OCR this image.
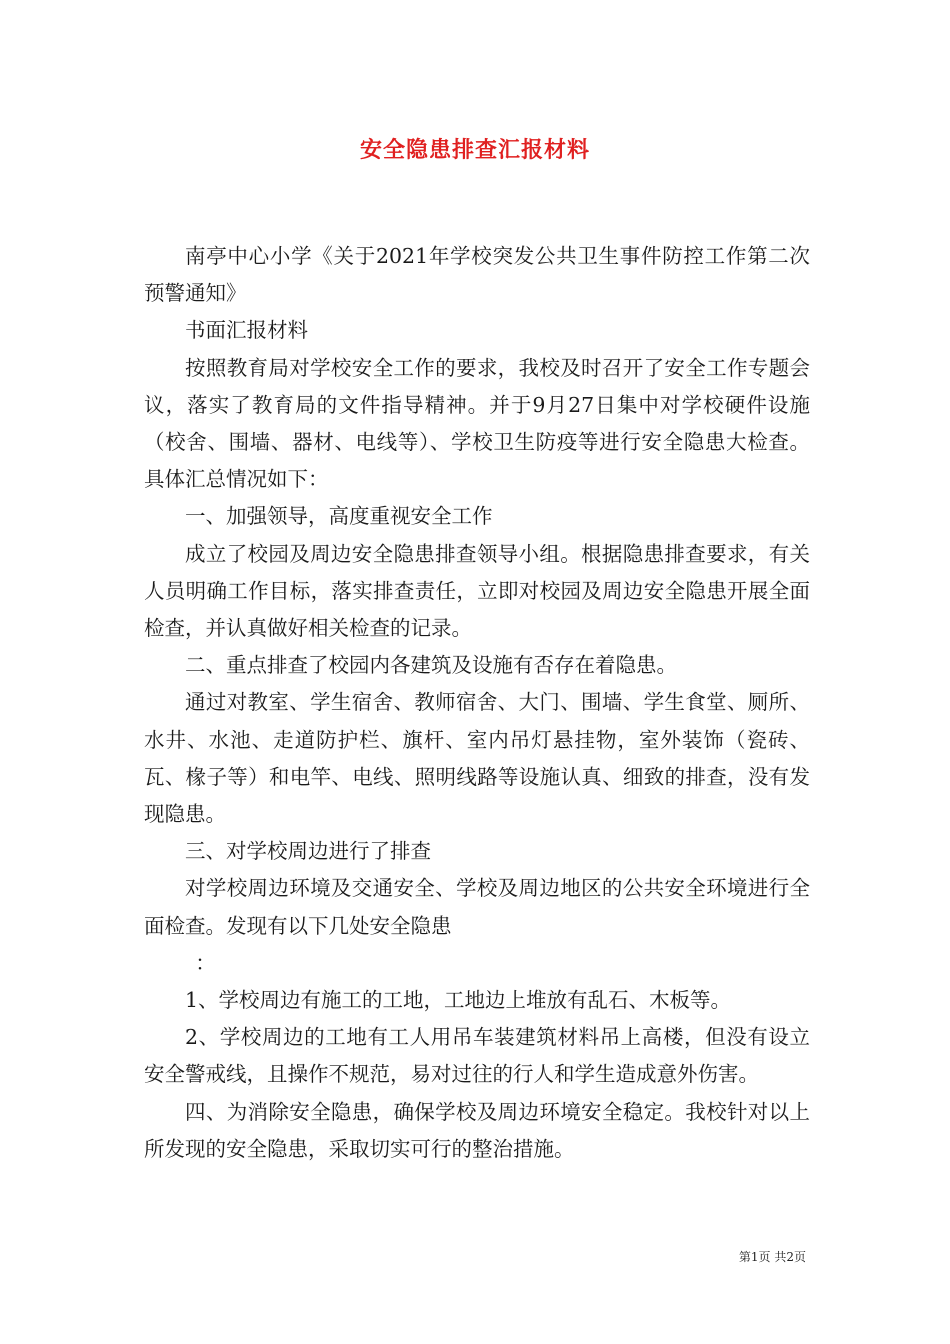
安全隐患排查汇报材料

南亭中心小学《关于2021年学校突发公共卫生事件防控工作第二次预警通知》

书面汇报材料

按照教育局对学校安全工作的要求，我校及时召开了安全工作专题会议，落实了教育局的文件指导精神。并于9月27日集中对学校硬件设施（校舍、围墙、器材、电线等）、学校卫生防疫等进行安全隐患大检查。具体汇总情况如下：

一、加强领导，高度重视安全工作

成立了校园及周边安全隐患排查领导小组。根据隐患排查要求，有关人员明确工作目标，落实排查责任，立即对校园及周边安全隐患开展全面检查，并认真做好相关检查的记录。

二、重点排查了校园内各建筑及设施有否存在着隐患。

通过对教室、学生宿舍、教师宿舍、大门、围墙、学生食堂、厕所、水井、水池、走道防护栏、旗杆、室内吊灯悬挂物，室外装饰（瓷砖、瓦、椽子等）和电竿、电线、照明线路等设施认真、细致的排查，没有发现隐患。

三、对学校周边进行了排查

对学校周边环境及交通安全、学校及周边地区的公共安全环境进行全面检查。发现有以下几处安全隐患

：

1、学校周边有施工的工地，工地边上堆放有乱石、木板等。

2、学校周边的工地有工人用吊车装建筑材料吊上高楼，但没有设立安全警戒线，且操作不规范，易对过往的行人和学生造成意外伤害。

四、为消除安全隐患，确保学校及周边环境安全稳定。我校针对以上所发现的安全隐患，采取切实可行的整治措施。

第1页 共2页
